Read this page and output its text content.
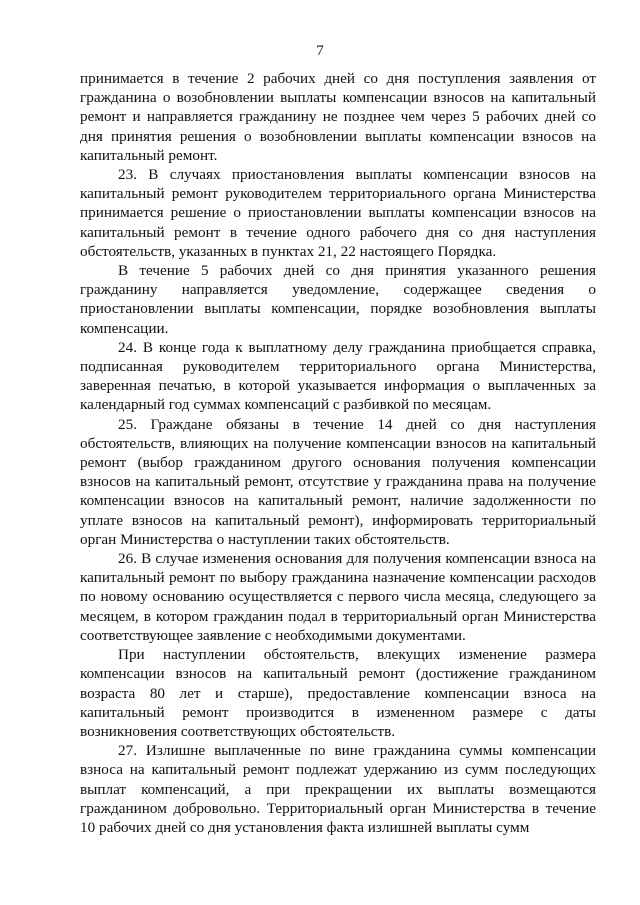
7

принимается в течение 2 рабочих дней со дня поступления заявления от гражданина о возобновлении выплаты компенсации взносов на капитальный ремонт и направляется гражданину не позднее чем через 5 рабочих дней со дня принятия решения о возобновлении выплаты компенсации взносов на капитальный ремонт.

23. В случаях приостановления выплаты компенсации взносов на капитальный ремонт руководителем территориального органа Министерства принимается решение о приостановлении выплаты компенсации взносов на капитальный ремонт в течение одного рабочего дня со дня наступления обстоятельств, указанных в пунктах 21, 22 настоящего Порядка.

В течение 5 рабочих дней со дня принятия указанного решения гражданину направляется уведомление, содержащее сведения о приостановлении выплаты компенсации, порядке возобновления выплаты компенсации.

24. В конце года к выплатному делу гражданина приобщается справка, подписанная руководителем территориального органа Министерства, заверенная печатью, в которой указывается информация о выплаченных за календарный год суммах компенсаций с разбивкой по месяцам.

25. Граждане обязаны в течение 14 дней со дня наступления обстоятельств, влияющих на получение компенсации взносов на капитальный ремонт (выбор гражданином другого основания получения компенсации взносов на капитальный ремонт, отсутствие у гражданина права на получение компенсации взносов на капитальный ремонт, наличие задолженности по уплате взносов на капитальный ремонт), информировать территориальный орган Министерства о наступлении таких обстоятельств.

26. В случае изменения основания для получения компенсации взноса на капитальный ремонт по выбору гражданина назначение компенсации расходов по новому основанию осуществляется с первого числа месяца, следующего за месяцем, в котором гражданин подал в территориальный орган Министерства соответствующее заявление с необходимыми документами.

При наступлении обстоятельств, влекущих изменение размера компенсации взносов на капитальный ремонт (достижение гражданином возраста 80 лет и старше), предоставление компенсации взноса на капитальный ремонт производится в измененном размере с даты возникновения соответствующих обстоятельств.

27. Излишне выплаченные по вине гражданина суммы компенсации взноса на капитальный ремонт подлежат удержанию из сумм последующих выплат компенсаций, а при прекращении их выплаты возмещаются гражданином добровольно. Территориальный орган Министерства в течение 10 рабочих дней со дня установления факта излишней выплаты сумм
